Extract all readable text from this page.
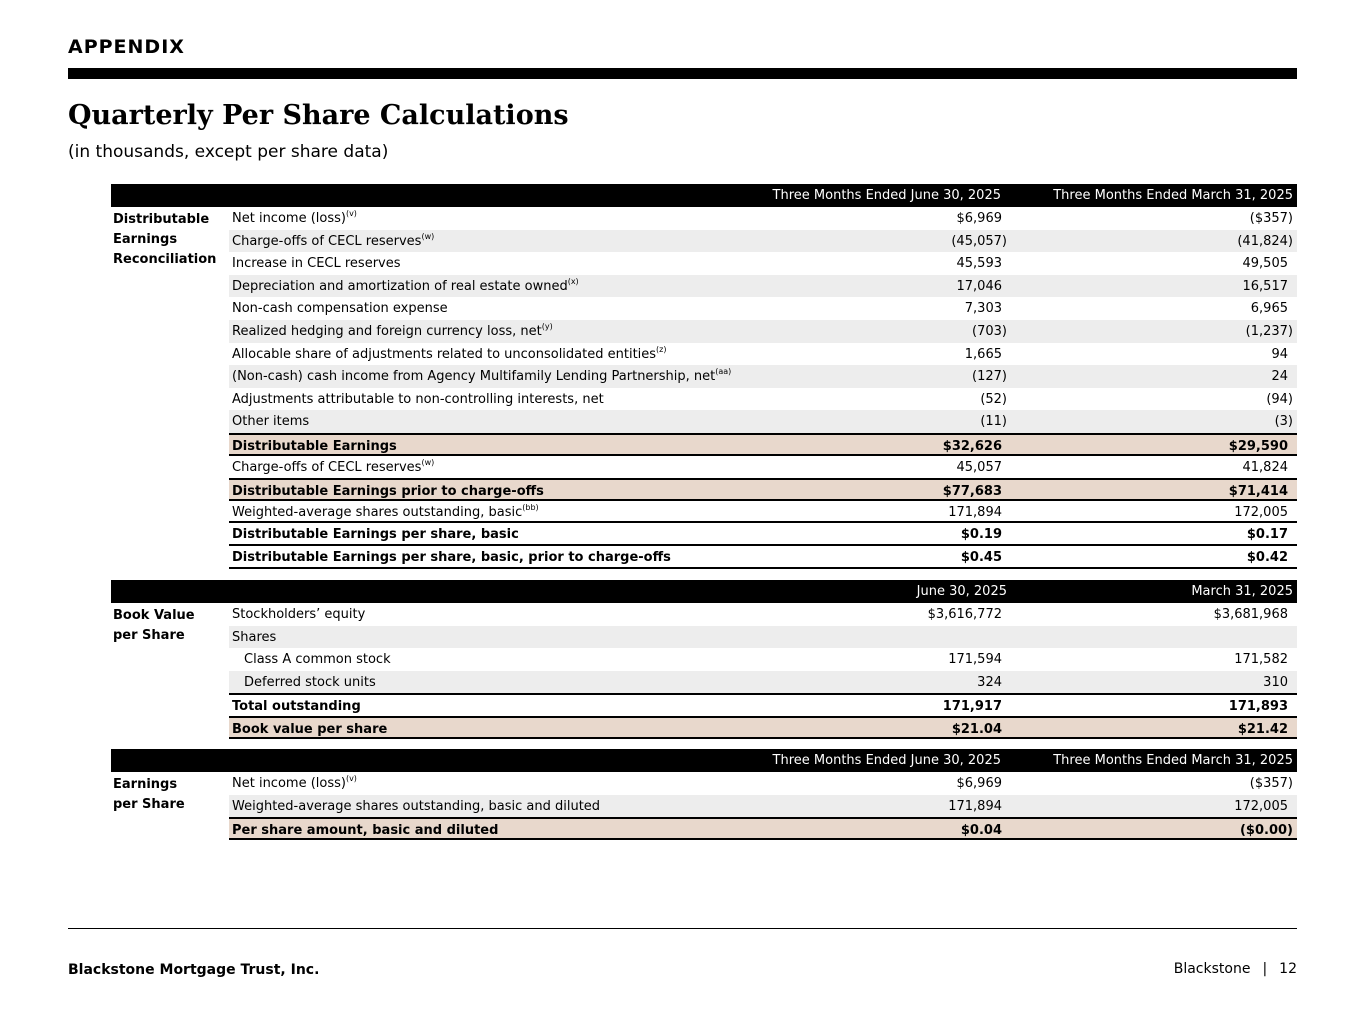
APPENDIX
Quarterly Per Share Calculations
(in thousands, except per share data)
Three Months Ended June 30, 2025	Three Months Ended March 31, 2025
Distributable
Earnings
Reconciliation
Net income (loss)$^{(v)}$	$6,969	($357)
Charge-offs of CECL reserves$^{(w)}$	(45,057)	(41,824)
Increase in CECL reserves	45,593	49,505
Depreciation and amortization of real estate owned$^{(x)}$	17,046	16,517
Non-cash compensation expense	7,303	6,965
Realized hedging and foreign currency loss, net$^{(y)}$	(703)	(1,237)
Allocable share of adjustments related to unconsolidated entities$^{(z)}$	1,665	94
(Non-cash) cash income from Agency Multifamily Lending Partnership, net$^{(aa)}$	(127)	24
Adjustments attributable to non-controlling interests, net	(52)	(94)
Other items	(11)	(3)
Distributable Earnings	$32,626	$29,590
Charge-offs of CECL reserves$^{(w)}$	45,057	41,824
Distributable Earnings prior to charge-offs	$77,683	$71,414
Weighted-average shares outstanding, basic$^{(bb)}$	171,894	172,005
Distributable Earnings per share, basic	$0.19	$0.17
Distributable Earnings per share, basic, prior to charge-offs	$0.45	$0.42
June 30, 2025	March 31, 2025
Book Value
per Share
Stockholders’ equity	$3,616,772	$3,681,968
Shares
Class A common stock	171,594	171,582
Deferred stock units	324	310
Total outstanding	171,917	171,893
Book value per share	$21.04	$21.42
Three Months Ended June 30, 2025	Three Months Ended March 31, 2025
Earnings
per Share
Net income (loss)$^{(v)}$	$6,969	($357)
Weighted-average shares outstanding, basic and diluted	171,894	172,005
Per share amount, basic and diluted	$0.04	($0.00)
Blackstone Mortgage Trust, Inc.	Blackstone | 12
